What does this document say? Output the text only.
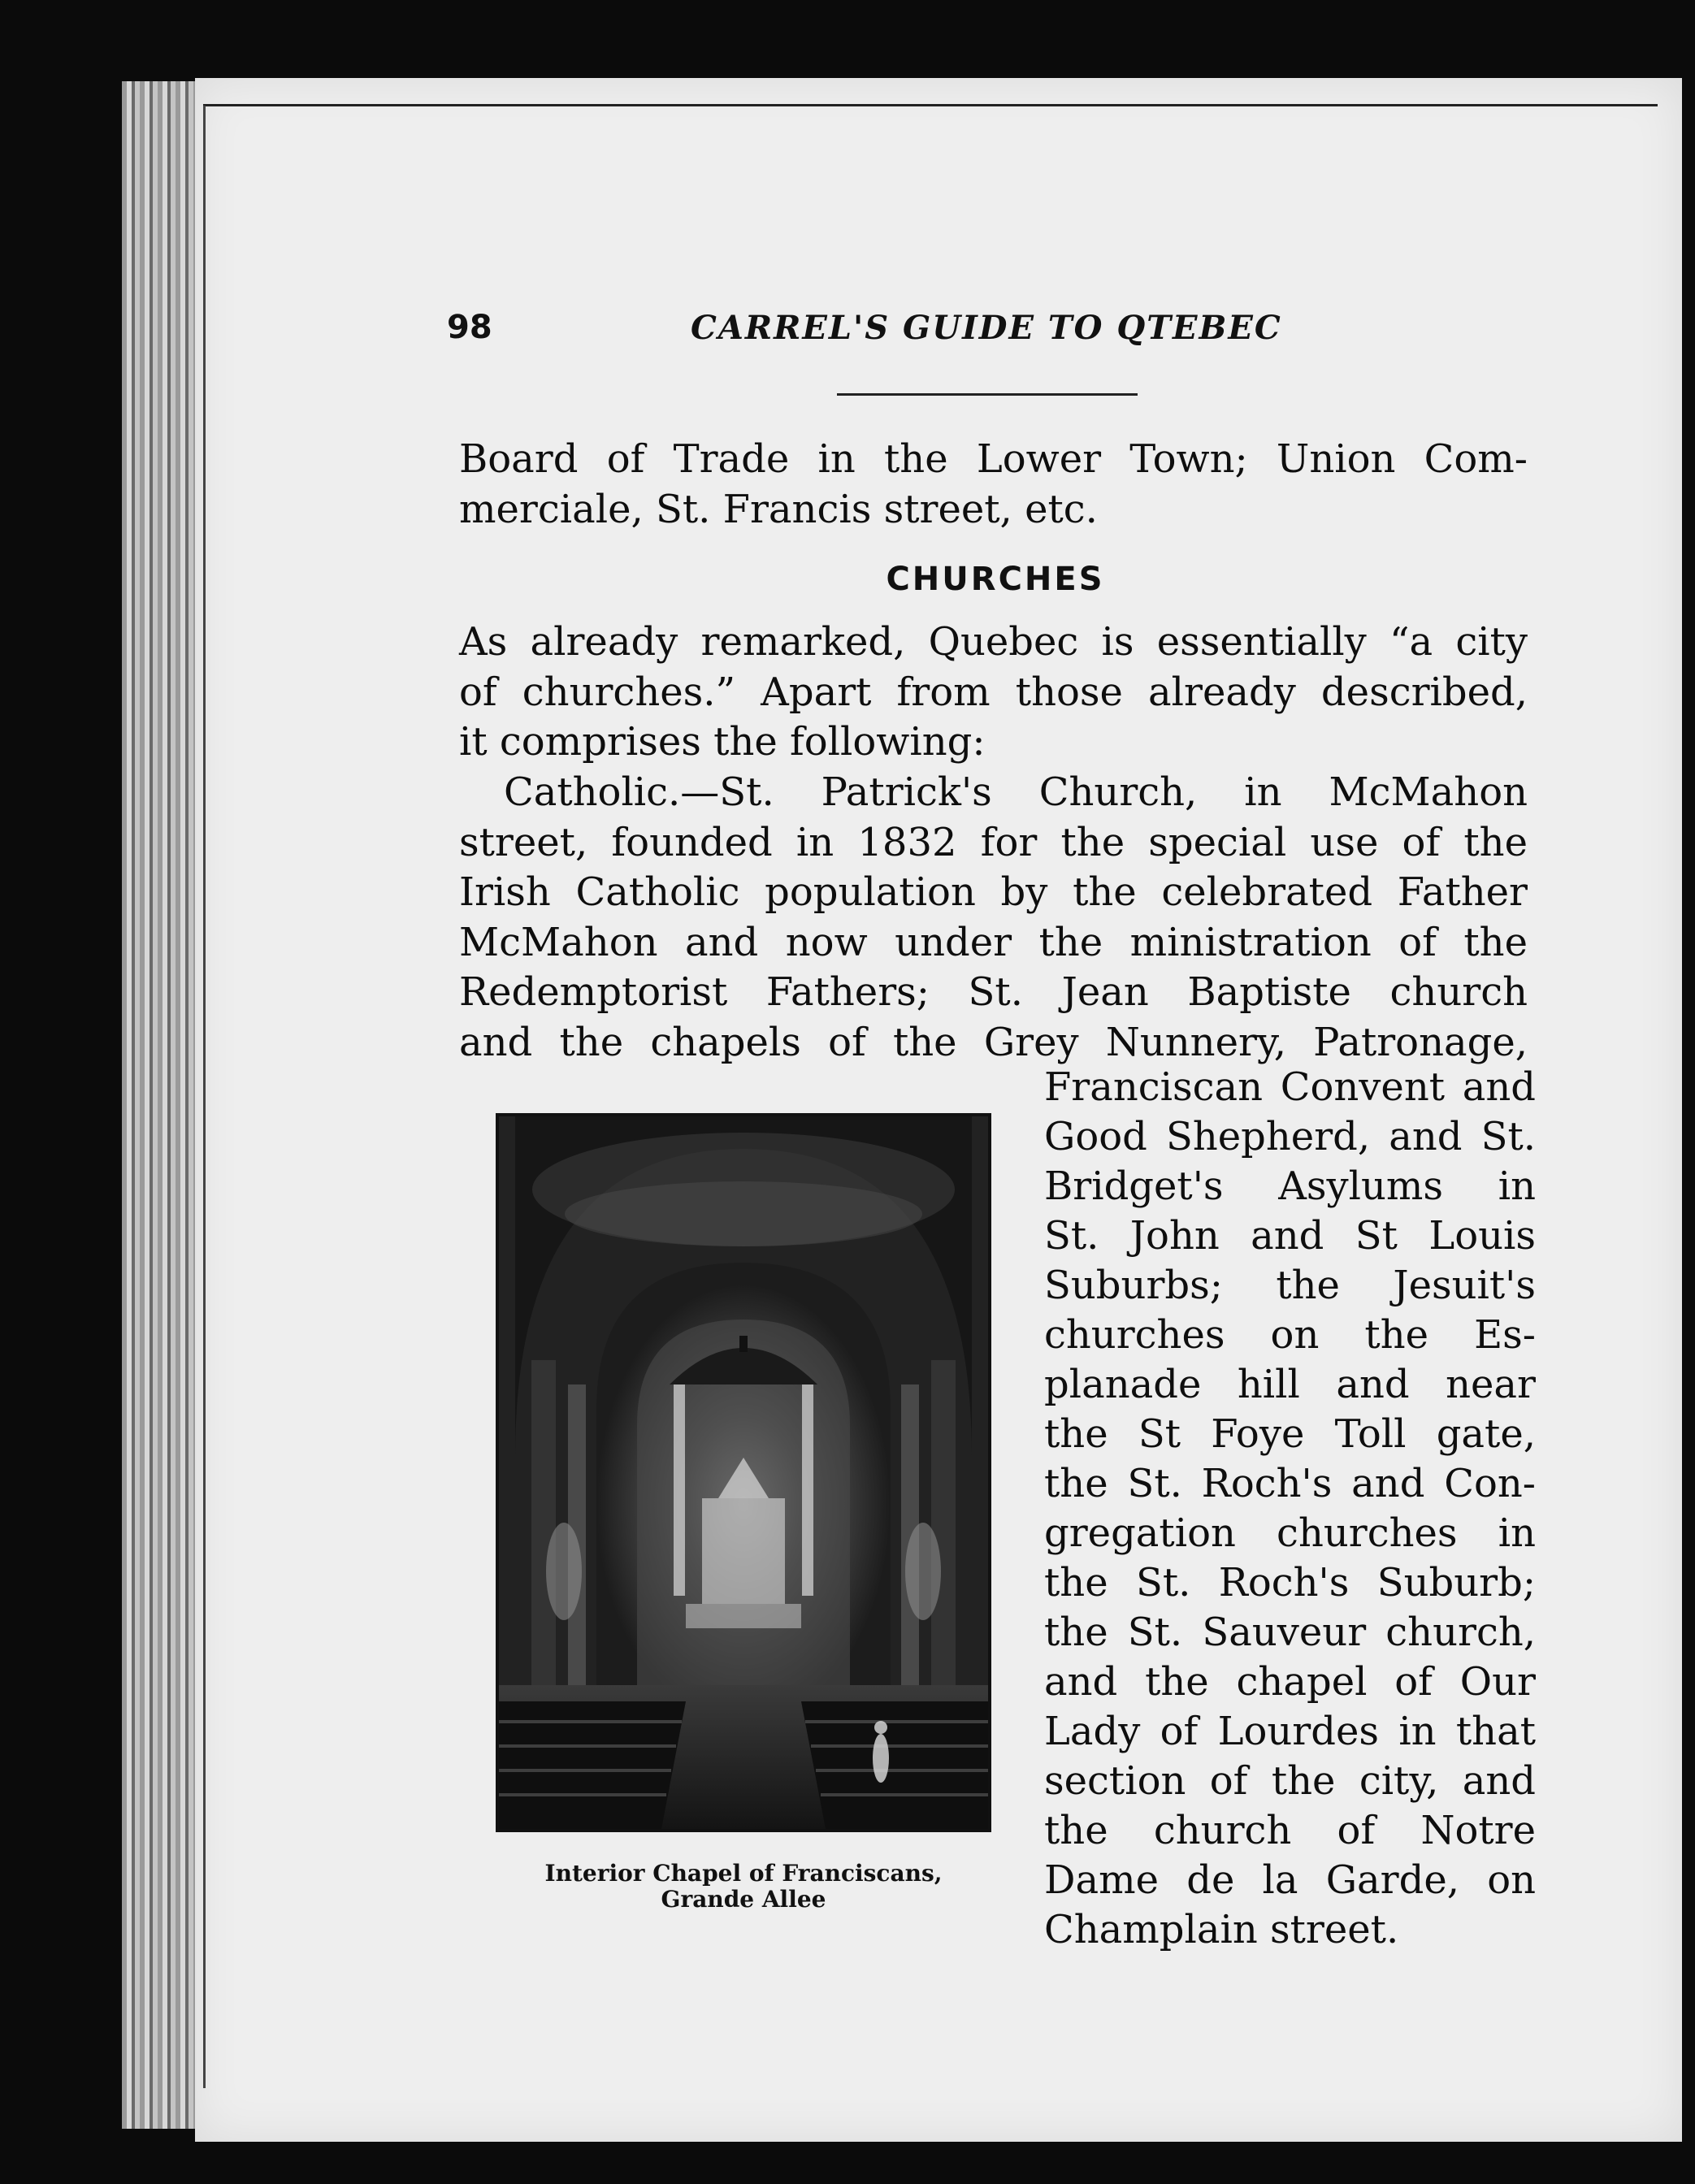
98	CARREL'S GUIDE TO QTEBEC
Board of Trade in the Lower Town; Union Com-
merciale, St. Francis street, etc.
CHURCHES
As already remarked, Quebec is essentially “a city
of churches.” Apart from those already described,
it comprises the following:
Catholic.—St. Patrick's Church, in McMahon
street, founded in 1832 for the special use of the
Irish Catholic population by the celebrated Father
McMahon and now under the ministration of the
Redemptorist Fathers; St. Jean Baptiste church
and the chapels of the Grey Nunnery, Patronage,
Franciscan Convent and
Good Shepherd, and St.
Bridget's Asylums in
St. John and St Louis
Suburbs; the Jesuit's
churches on the Es-
planade hill and near
the St Foye Toll gate,
the St. Roch's and Con-
gregation churches in
the St. Roch's Suburb;
the St. Sauveur church,
and the chapel of Our
Lady of Lourdes in that
section of the city, and
the church of Notre
Dame de la Garde, on
Champlain street.
Interior Chapel of Franciscans,
Grande Allee
